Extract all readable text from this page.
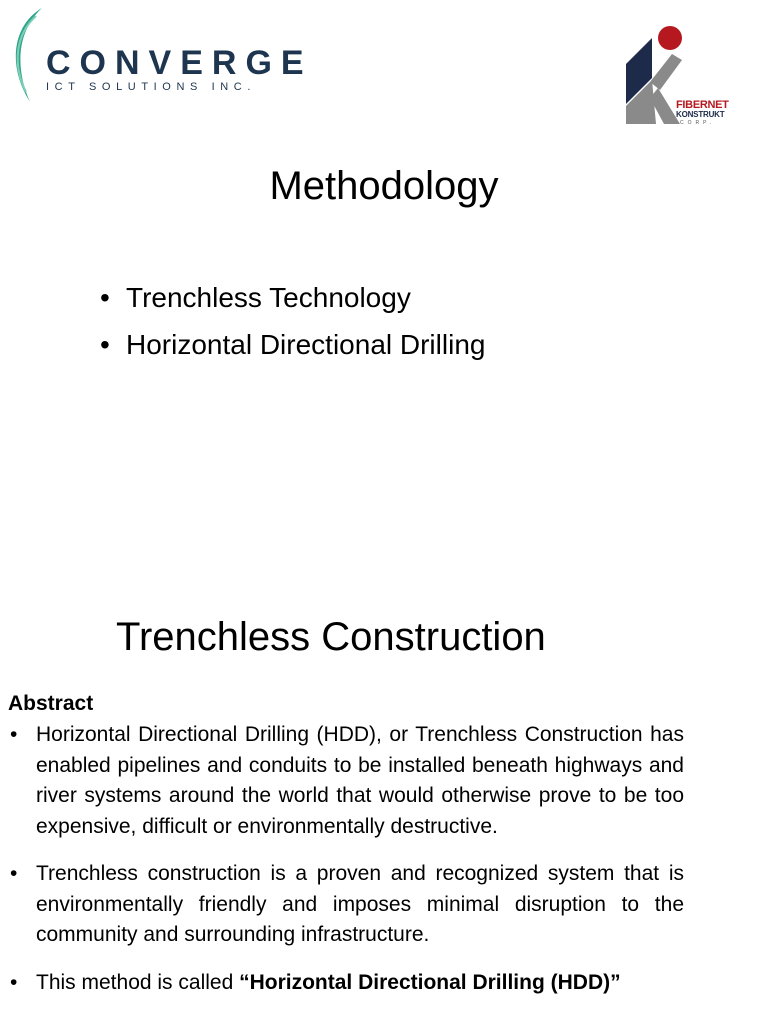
CONVERGE
ICT SOLUTIONS INC.
FIBERNET
KONSTRUKT
CORP.
Methodology
• Trenchless Technology
• Horizontal Directional Drilling
Trenchless Construction
Abstract
• Horizontal Directional Drilling (HDD), or Trenchless Construction has enabled pipelines and conduits to be installed beneath highways and river systems around the world that would otherwise prove to be too expensive, difficult or environmentally destructive.
• Trenchless construction is a proven and recognized system that is environmentally friendly and imposes minimal disruption to the community and surrounding infrastructure.
• This method is called “Horizontal Directional Drilling (HDD)”
